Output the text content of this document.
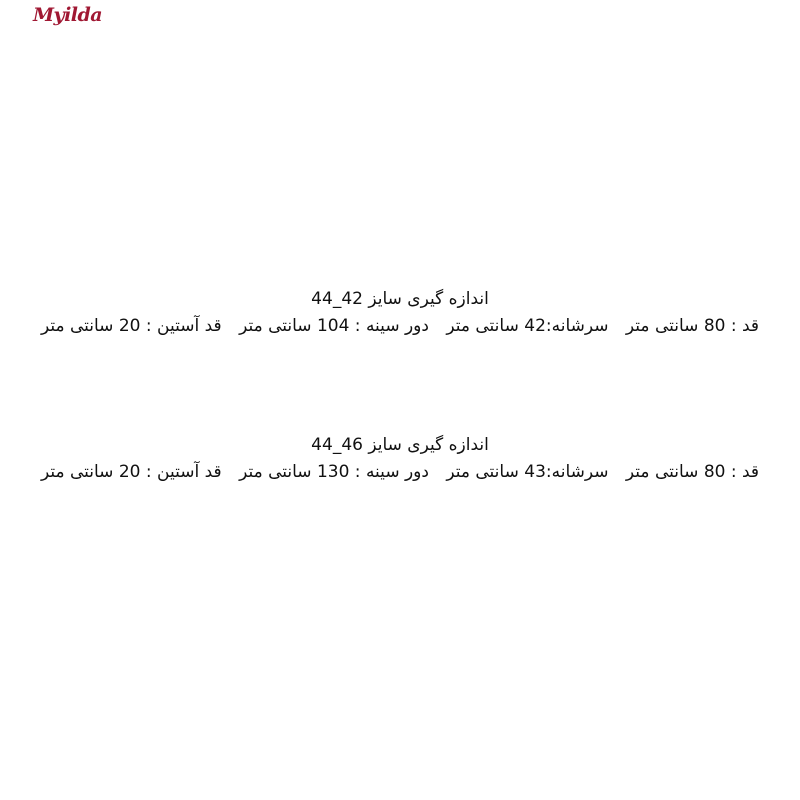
Myilda
اندازه گیری سایز 42_44
قد : 80 سانتی متر سرشانه:42 سانتی متر دور سینه : 104 سانتی متر قد آستین : 20 سانتی متر
اندازه گیری سایز 46_44
قد : 80 سانتی متر سرشانه:43 سانتی متر دور سینه : 130 سانتی متر قد آستین : 20 سانتی متر
